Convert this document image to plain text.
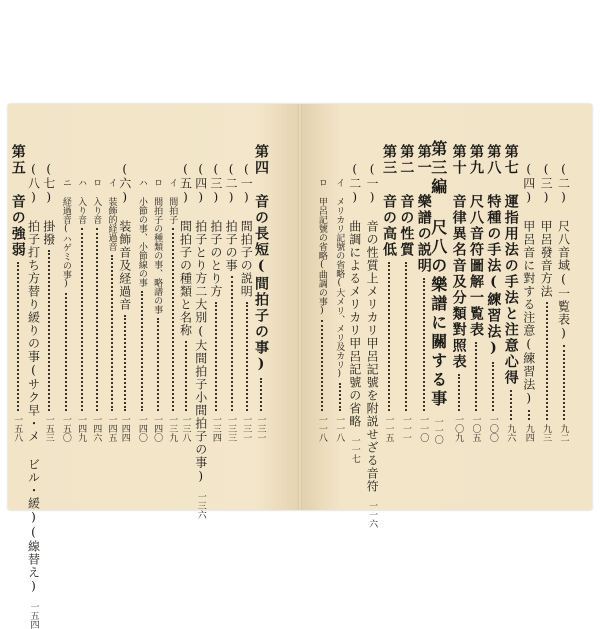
第四 音の長短(間拍子の事)
一三一
(一) 間拍子の説明
一三一
(二) 拍子の事
一三三
(三) 拍子のとり方
一三四
(四) 拍子とり方二大別(大間拍子小間拍子の事)
一三六
(五) 間拍子の種類と名称
一三八
イ 間拍子
一三九
ロ 間拍子の種類の事、略譜の事
一四〇
ハ 小節の事、小節線の事
一四〇
(六) 装飾音及経過音
一四四
イ 装飾的経過音
一四五
ロ 入り音
一四六
ハ 入り音
一四九
ニ 経過音(ハゲミの事)
一五〇
(七) 掛撥
一五三
(八) 拍子打ち方替り緩りの事(サク早・メ ビル・緩)(線替え)
一五四
第五 音の強弱
一五八
(二) 尺八音域(一覧表)
九二
(三) 甲呂發音方法
九三
(四) 甲呂音に對する注意(練習法)
九四
第七 運指用法の手法と注意心得
九六
第八 特種の手法(練習法)
一〇〇
第九 尺八音符圖解一覧表
一〇五
第十 音律異名音及分類對照表
一〇九
第三編 尺八の樂譜に關する事
一一〇
第一 樂譜の説明
一一〇
第二 音の性質
一一一
第三 音の高低
一一五
(一) 音の性質上メリカリ甲呂記號を附説せざる音符
一一六
(二) 曲調によるメリカリ甲呂記號の省略
一一七
イ メリカリ記號の省略(大メリ、メリ及カリ)
一一八
ロ 甲呂記號の省略(曲調の事)
一一八
